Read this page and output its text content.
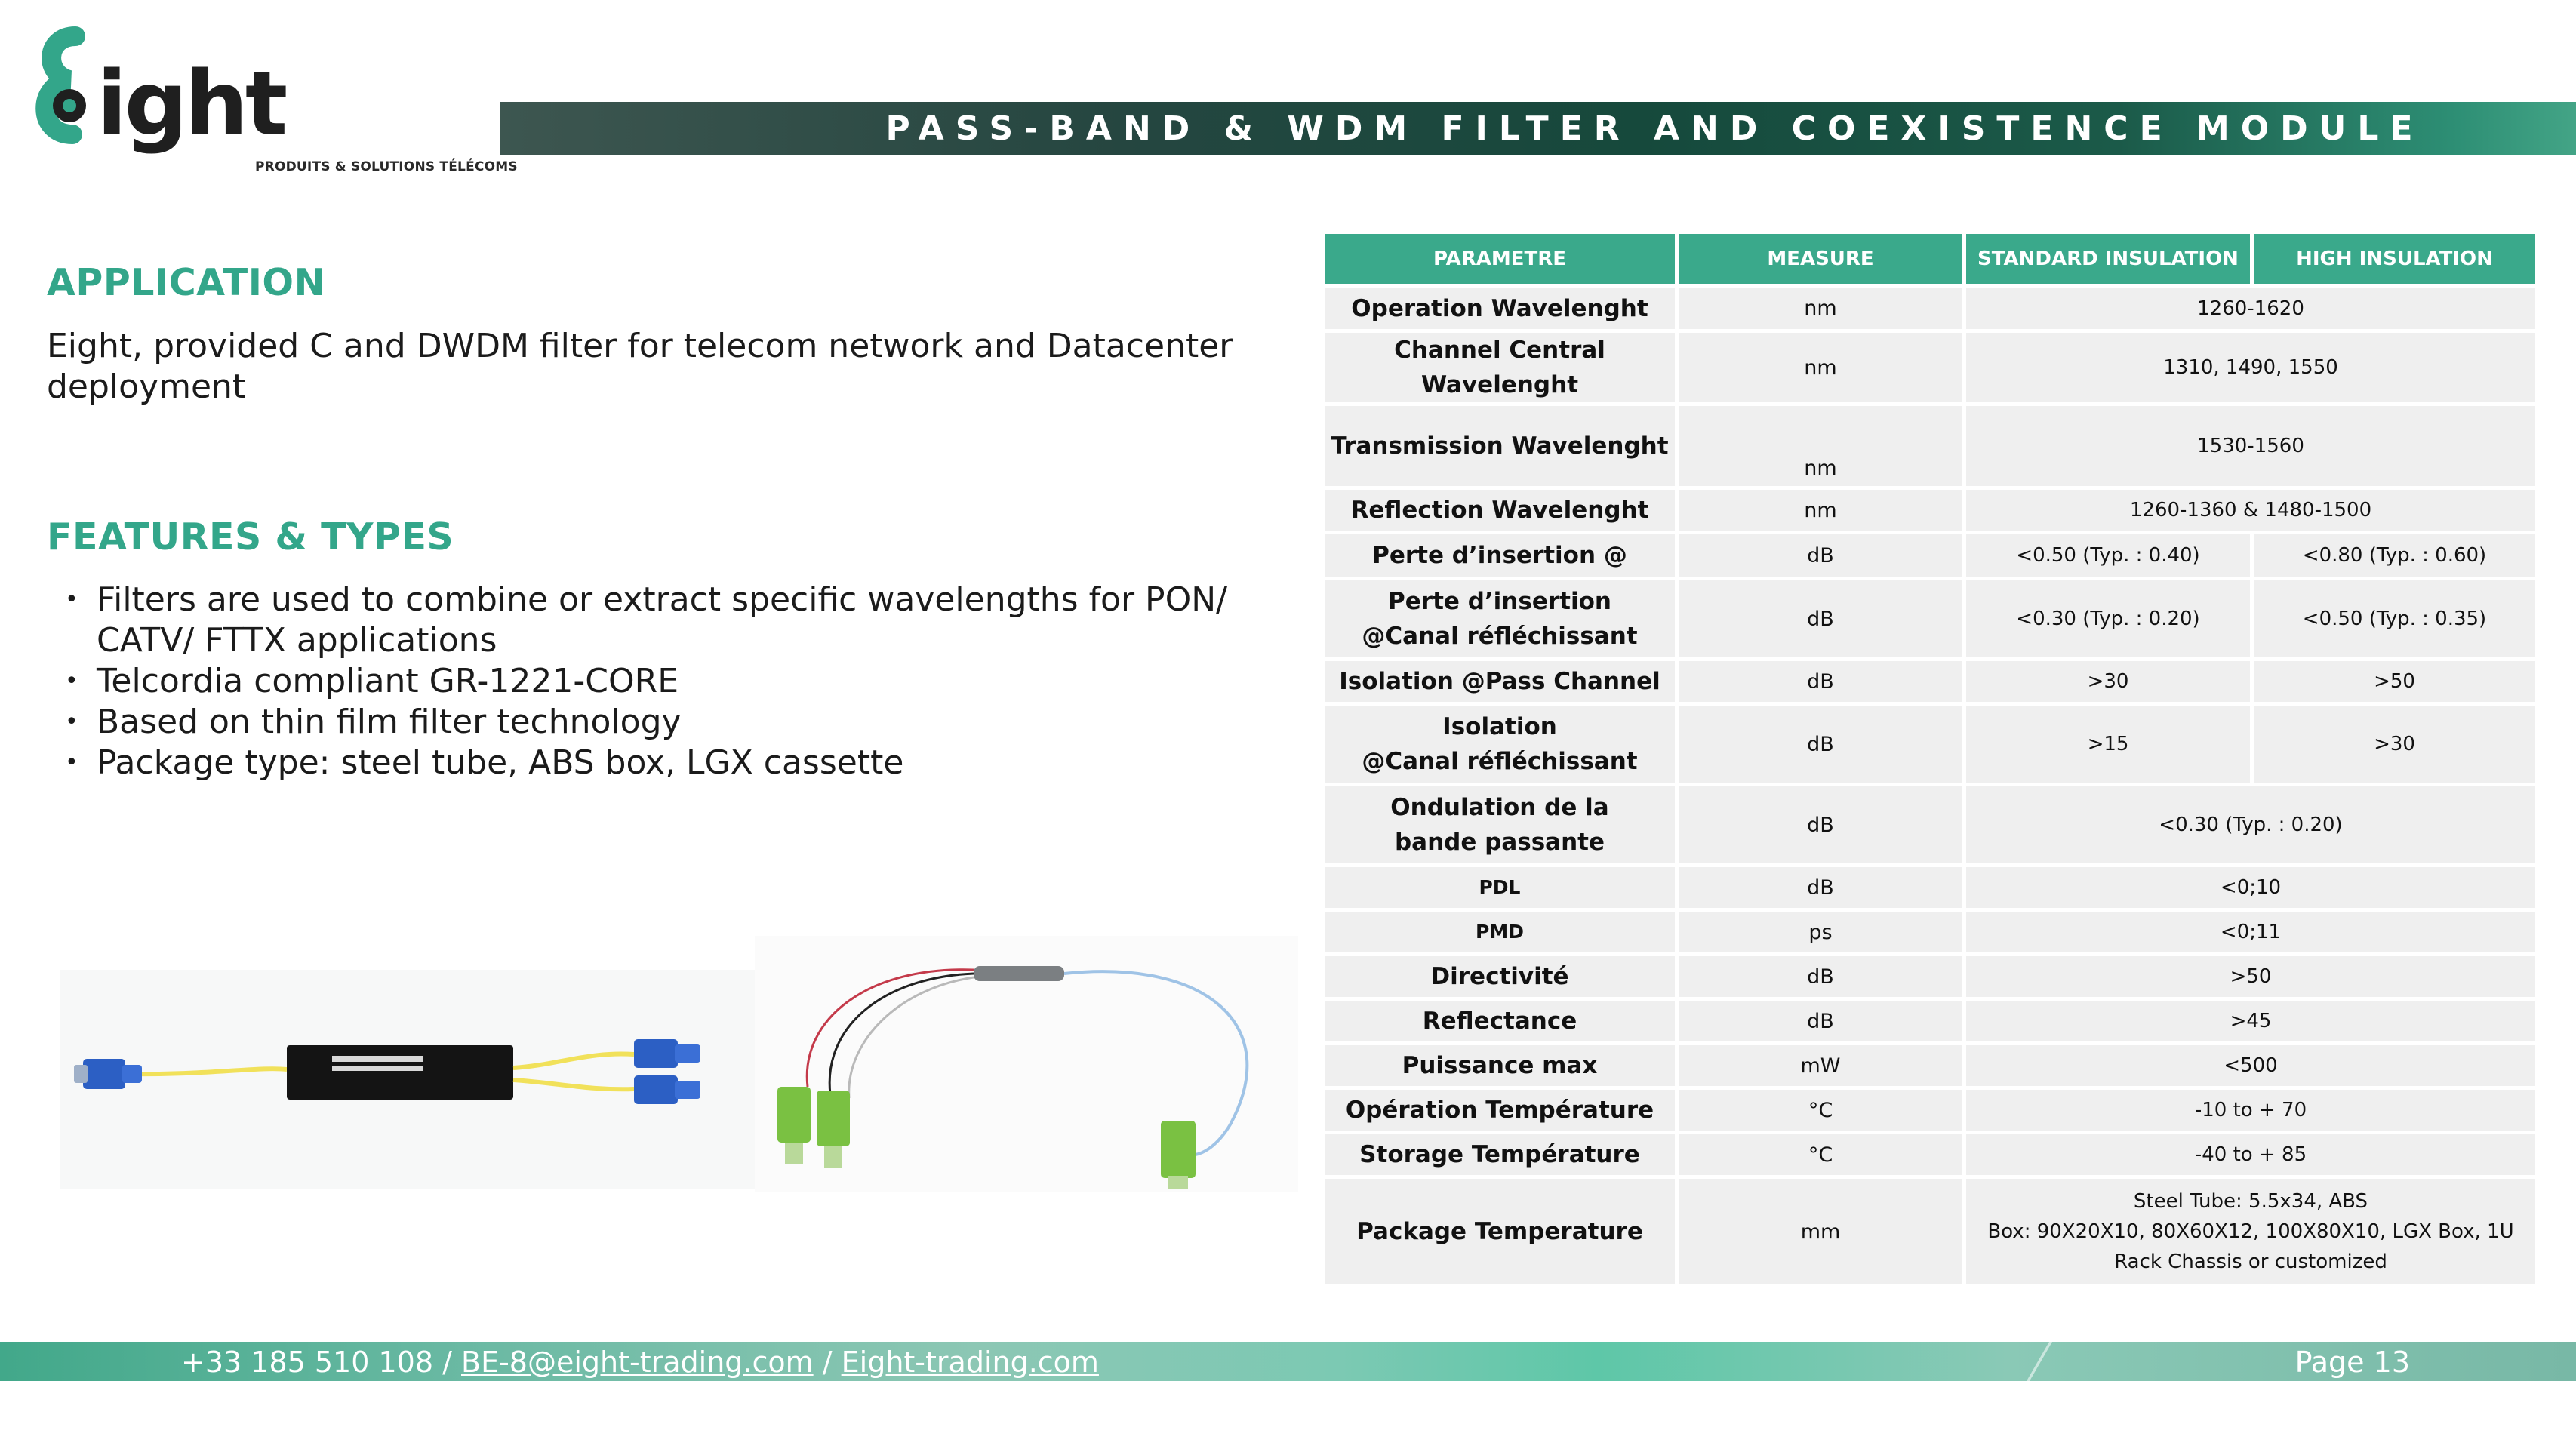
ight
PRODUITS & SOLUTIONS TÉLÉCOMS
PASS-BAND & WDM FILTER AND COEXISTENCE MODULE
APPLICATION
Eight, provided C and DWDM filter for telecom network and Datacenter deployment
FEATURES & TYPES
• Filters are used to combine or extract specific wavelengths for PON/ CATV/ FTTX applications
• Telcordia compliant GR-1221-CORE
• Based on thin film filter technology
• Package type: steel tube, ABS box, LGX cassette
PARAMETRE	MEASURE	STANDARD INSULATION	HIGH INSULATION
Operation Wavelenght	nm	1260-1620	
Channel Central Wavelenght	nm	1310, 1490, 1550	
Transmission Wavelenght	nm	1530-1560	
Reflection Wavelenght	nm	1260-1360 & 1480-1500	
Perte d’insertion @	dB	<0.50 (Typ. : 0.40)	<0.80 (Typ. : 0.60)

Perte d’insertion
@Canal réfléchissant	dB	<0.30 (Typ. : 0.20)	<0.50 (Typ. : 0.35)
Isolation @Pass Channel	dB	>30	>50

Isolation
@Canal réfléchissant	dB	>15	>30

Ondulation de la
bande passante	dB	<0.30 (Typ. : 0.20)	
PDL	dB	<0;10	
PMD	ps	<0;11	
Directivité	dB	>50	
Reflectance	dB	>45	
Puissance max	mW	<500	
Opération Température	°C	-10 to + 70	
Storage Température	°C	-40 to + 85	
Package Temperature	mm	Steel Tube: 5.5x34, ABS
Box: 90X20X10, 80X60X12, 100X80X10, LGX Box, 1U
Rack Chassis or customized	
+33 185 510 108 / BE-8@eight-trading.com / Eight-trading.com	Page 13
